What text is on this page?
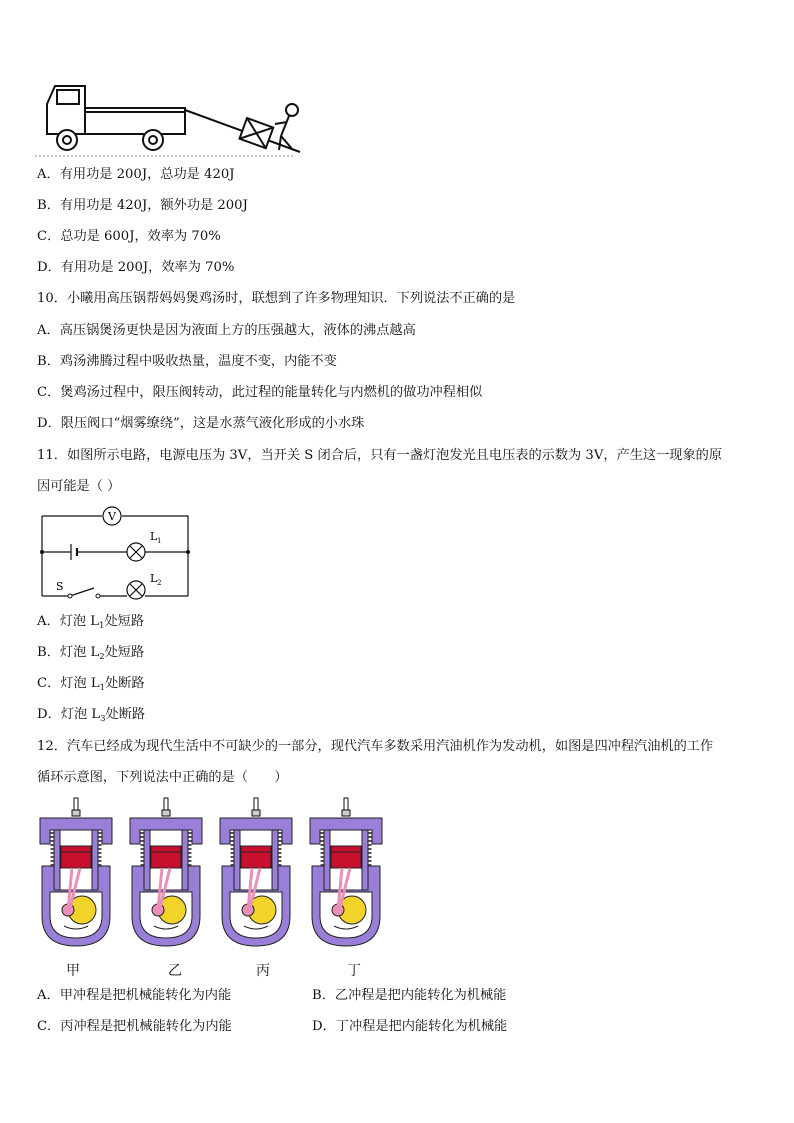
A．有用功是 200J，总功是 420J
B．有用功是 420J，额外功是 200J
C．总功是 600J，效率为 70%
D．有用功是 200J，效率为 70%
10．小曦用高压锅帮妈妈煲鸡汤时，联想到了许多物理知识．下列说法不正确的是
A．高压锅煲汤更快是因为液面上方的压强越大，液体的沸点越高
B．鸡汤沸腾过程中吸收热量，温度不变，内能不变
C．煲鸡汤过程中，限压阀转动，此过程的能量转化与内燃机的做功冲程相似
D．限压阀口“烟雾缭绕”，这是水蒸气液化形成的小水珠
11．如图所示电路，电源电压为 3V，当开关 S 闭合后，只有一盏灯泡发光且电压表的示数为 3V，产生这一现象的原
因可能是（ ）
V
L 1
L 2
S
A．灯泡 $L_1$处短路
B．灯泡 $L_2$处短路
C．灯泡 $L_1$处断路
D．灯泡 $L_3$处断路
12．汽车已经成为现代生活中不可缺少的一部分，现代汽车多数采用汽油机作为发动机，如图是四冲程汽油机的工作
循环示意图，下列说法中正确的是（　　）
甲	乙	丙	丁
A．甲冲程是把机械能转化为内能	B．乙冲程是把内能转化为机械能
C．丙冲程是把机械能转化为内能	D．丁冲程是把内能转化为机械能
